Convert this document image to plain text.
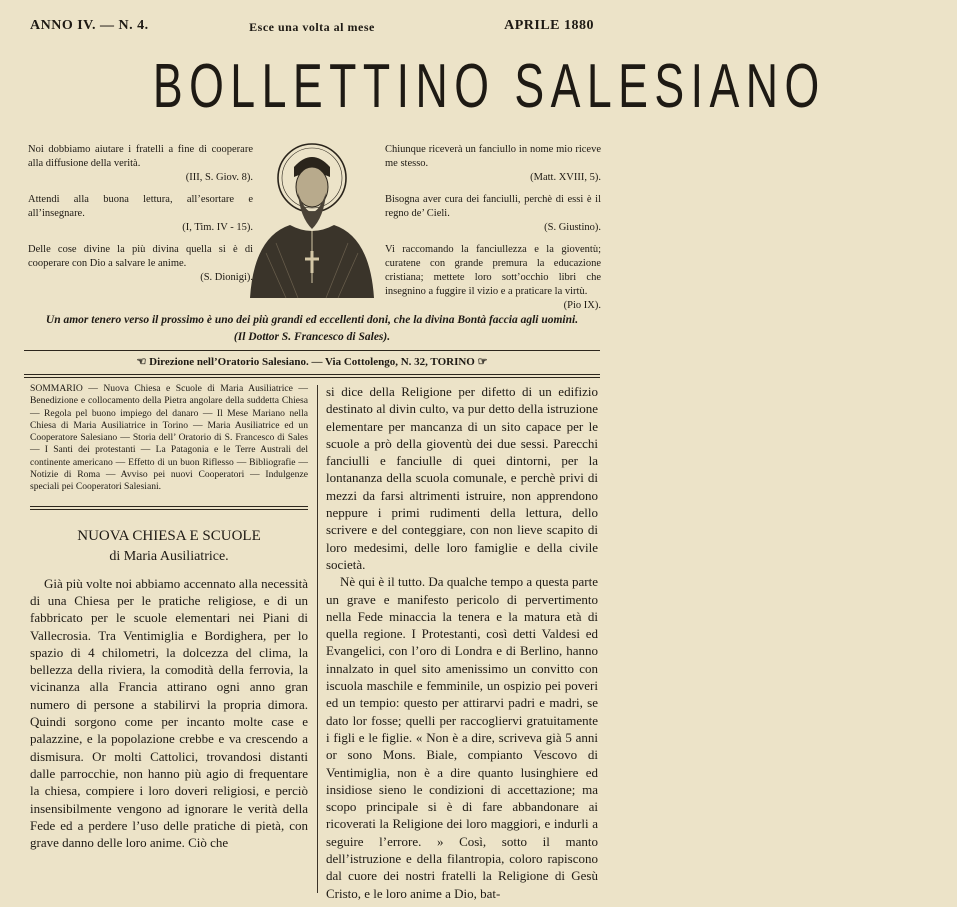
ANNO IV. — N. 4.	Esce una volta al mese	APRILE 1880
BOLLETTINO SALESIANO
Noi dobbiamo aiutare i fratelli a fine di cooperare alla diffusione della verità.
(III, S. Giov. 8).
Attendi alla buona lettura, all’esortare e all’insegnare.
(I, Tim. IV - 15).
Delle cose divine la più divina quella si è di cooperare con Dio a salvare le anime.
(S. Dionigi).
Chiunque riceverà un fanciullo in nome mio riceve me stesso.
(Matt. XVIII, 5).
Bisogna aver cura dei fanciulli, perchè di essi è il regno de’ Cieli.
(S. Giustino).
Vi raccomando la fanciullezza e la gioventù; curatene con grande premura la educazione cristiana; mettete loro sott’occhio libri che insegnino a fuggire il vizio e a praticare la virtù.
(Pio IX).
Un amor tenero verso il prossimo è uno dei più grandi ed eccellenti doni, che la divina Bontà faccia agli uomini.
(Il Dottor S. Francesco di Sales).
☜ Direzione nell’Oratorio Salesiano. — Via Cottolengo, N. 32, TORINO ☞

SOMMARIO — Nuova Chiesa e Scuole di Maria Ausiliatrice — Benedizione e collocamento della Pietra angolare della suddetta Chiesa — Regola pel buono impiego del danaro — Il Mese Mariano nella Chiesa di Maria Ausiliatrice in Torino — Maria Ausiliatrice ed un Cooperatore Salesiano — Storia dell’ Oratorio di S. Francesco di Sales — I Santi dei protestanti — La Patagonia e le Terre Australi del continente americano — Effetto di un buon Riflesso — Bibliografie — Notizie di Roma — Avviso pei nuovi Cooperatori — Indulgenze speciali pei Cooperatori Salesiani.

NUOVA CHIESA E SCUOLE

di Maria Ausiliatrice.

Già più volte noi abbiamo accennato alla necessità di una Chiesa per le pratiche religiose, e di un fabbricato per le scuole elementari nei Piani di Vallecrosia. Tra Ventimiglia e Bordighera, per lo spazio di 4 chilometri, la dolcezza del clima, la bellezza della riviera, la comodità della ferrovia, la vicinanza alla Francia attirano ogni anno gran numero di persone a stabilirvi la propria dimora. Quindi sorgono come per incanto molte case e palazzine, e la popolazione crebbe e va crescendo a dismisura. Or molti Cattolici, trovandosi distanti dalle parrocchie, non hanno più agio di frequentare la chiesa, compiere i loro doveri religiosi, e perciò insensibilmente vengono ad ignorare le verità della Fede ed a perdere l’uso delle pratiche di pietà, con grave danno delle loro anime. Ciò che

si dice della Religione per difetto di un edifizio destinato al divin culto, va pur detto della istruzione elementare per mancanza di un sito capace per le scuole a prò della gioventù dei due sessi. Parecchi fanciulli e fanciulle di quei dintorni, per la lontananza della scuola comunale, e perchè privi di mezzi da farsi altrimenti istruire, non apprendono neppure i primi rudimenti della lettura, dello scrivere e del conteggiare, con non lieve scapito di loro medesimi, delle loro famiglie e della civile società.

Nè qui è il tutto. Da qualche tempo a questa parte un grave e manifesto pericolo di pervertimento nella Fede minaccia la tenera e la matura età di quella regione. I Protestanti, così detti Valdesi ed Evangelici, con l’oro di Londra e di Berlino, hanno innalzato in quel sito amenissimo un convitto con iscuola maschile e femminile, un ospizio pei poveri ed un tempio: questo per attirarvi padri e madri, se dato lor fosse; quelli per raccogliervi gratuitamente i figli e le figlie. « Non è a dire, scriveva già 5 anni or sono Mons. Biale, compianto Vescovo di Ventimiglia, non è a dire quanto lusinghiere ed insidiose sieno le condizioni di accettazione; ma scopo principale si è di fare abbandonare ai ricoverati la Religione dei loro maggiori, e indurli a seguire l’errore. » Così, sotto il manto dell’istruzione e della filantropia, coloro rapiscono dal cuore dei nostri fratelli la Religione di Gesù Cristo, e le loro anime a Dio, bat-
